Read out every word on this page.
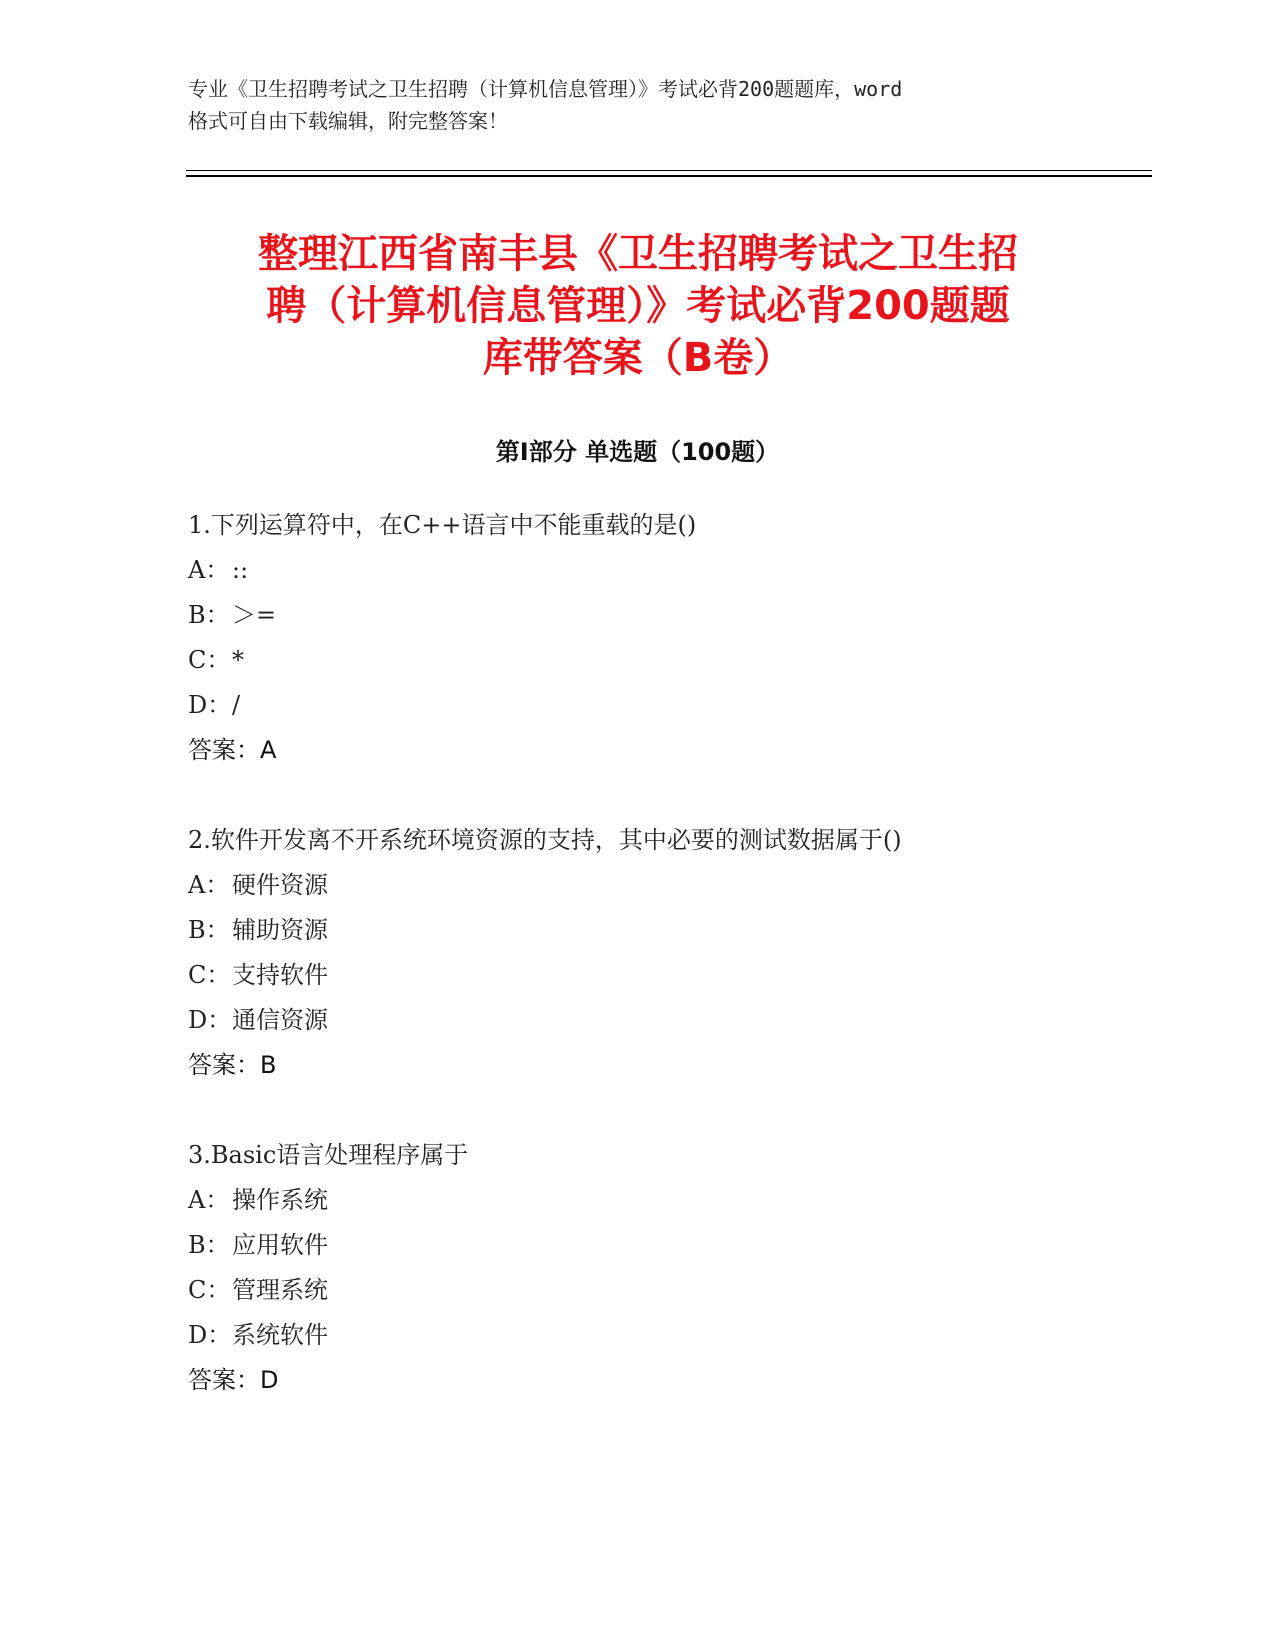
专业《卫生招聘考试之卫生招聘（计算机信息管理）》考试必背200题题库，word
格式可自由下载编辑，附完整答案！
整理江西省南丰县《卫生招聘考试之卫生招
聘（计算机信息管理）》考试必背200题题
库带答案（B卷）
第Ⅰ部分 单选题（100题）
1.下列运算符中，在C++语言中不能重载的是()
A： ::
B：＞=
C：*
D：/
答案：A
2.软件开发离不开系统环境资源的支持，其中必要的测试数据属于()
A： 硬件资源
B：辅助资源
C：支持软件
D：通信资源
答案：B
3.Basic语言处理程序属于
A： 操作系统
B：应用软件
C：管理系统
D：系统软件
答案：D
